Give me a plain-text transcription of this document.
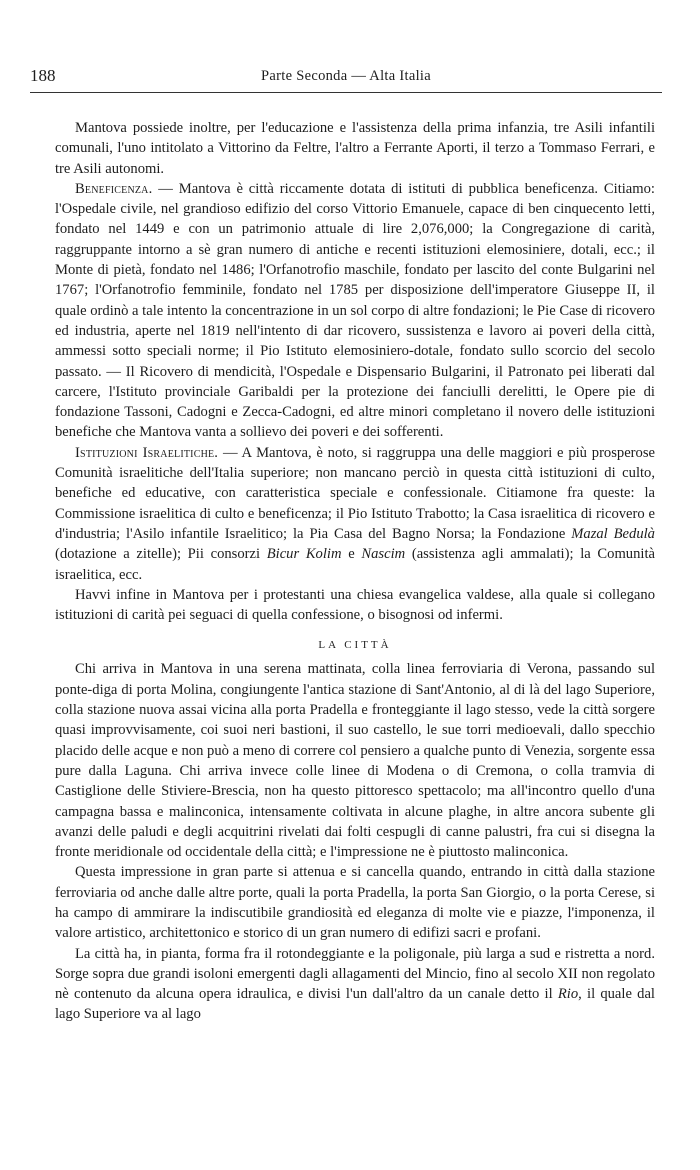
188	Parte Seconda — Alta Italia

Mantova possiede inoltre, per l'educazione e l'assistenza della prima infanzia, tre Asili infantili comunali, l'uno intitolato a Vittorino da Feltre, l'altro a Ferrante Aporti, il terzo a Tommaso Ferrari, e tre Asili autonomi.

Beneficenza. — Mantova è città riccamente dotata di istituti di pubblica beneficenza. Citiamo: l'Ospedale civile, nel grandioso edifizio del corso Vittorio Emanuele, capace di ben cinquecento letti, fondato nel 1449 e con un patrimonio attuale di lire 2,076,000; la Congregazione di carità, raggruppante intorno a sè gran numero di antiche e recenti istituzioni elemosiniere, dotali, ecc.; il Monte di pietà, fondato nel 1486; l'Orfanotrofio maschile, fondato per lascito del conte Bulgarini nel 1767; l'Orfanotrofio femminile, fondato nel 1785 per disposizione dell'imperatore Giuseppe II, il quale ordinò a tale intento la concentrazione in un sol corpo di altre fondazioni; le Pie Case di ricovero ed industria, aperte nel 1819 nell'intento di dar ricovero, sussistenza e lavoro ai poveri della città, ammessi sotto speciali norme; il Pio Istituto elemosiniero-dotale, fondato sullo scorcio del secolo passato. — Il Ricovero di mendicità, l'Ospedale e Dispensario Bulgarini, il Patronato pei liberati dal carcere, l'Istituto provinciale Garibaldi per la protezione dei fanciulli derelitti, le Opere pie di fondazione Tassoni, Cadogni e Zecca-Cadogni, ed altre minori completano il novero delle istituzioni benefiche che Mantova vanta a sollievo dei poveri e dei sofferenti.

Istituzioni Israelitiche. — A Mantova, è noto, si raggruppa una delle maggiori e più prosperose Comunità israelitiche dell'Italia superiore; non mancano perciò in questa città istituzioni di culto, benefiche ed educative, con caratteristica speciale e confessionale. Citiamone fra queste: la Commissione israelitica di culto e beneficenza; il Pio Istituto Trabotto; la Casa israelitica di ricovero e d'industria; l'Asilo infantile Israelitico; la Pia Casa del Bagno Norsa; la Fondazione Mazal Bedulà (dotazione a zitelle); Pii consorzi Bicur Kolim e Nascim (assistenza agli ammalati); la Comunità israelitica, ecc.

Havvi infine in Mantova per i protestanti una chiesa evangelica valdese, alla quale si collegano istituzioni di carità pei seguaci di quella confessione, o bisognosi od infermi.

LA CITTÀ

Chi arriva in Mantova in una serena mattinata, colla linea ferroviaria di Verona, passando sul ponte-diga di porta Molina, congiungente l'antica stazione di Sant'Antonio, al di là del lago Superiore, colla stazione nuova assai vicina alla porta Pradella e fronteggiante il lago stesso, vede la città sorgere quasi improvvisamente, coi suoi neri bastioni, il suo castello, le sue torri medioevali, dallo specchio placido delle acque e non può a meno di correre col pensiero a qualche punto di Venezia, sorgente essa pure dalla Laguna. Chi arriva invece colle linee di Modena o di Cremona, o colla tramvia di Castiglione delle Stiviere-Brescia, non ha questo pittoresco spettacolo; ma all'incontro quello d'una campagna bassa e malinconica, intensamente coltivata in alcune plaghe, in altre ancora subente gli avanzi delle paludi e degli acquitrini rivelati dai folti cespugli di canne palustri, fra cui si disegna la fronte meridionale od occidentale della città; e l'impressione ne è piuttosto malinconica.

Questa impressione in gran parte si attenua e si cancella quando, entrando in città dalla stazione ferroviaria od anche dalle altre porte, quali la porta Pradella, la porta San Giorgio, o la porta Cerese, si ha campo di ammirare la indiscutibile grandiosità ed eleganza di molte vie e piazze, l'imponenza, il valore artistico, architettonico e storico di un gran numero di edifizi sacri e profani.

La città ha, in pianta, forma fra il rotondeggiante e la poligonale, più larga a sud e ristretta a nord. Sorge sopra due grandi isoloni emergenti dagli allagamenti del Mincio, fino al secolo XII non regolato nè contenuto da alcuna opera idraulica, e divisi l'un dall'altro da un canale detto il Rio, il quale dal lago Superiore va al lago
